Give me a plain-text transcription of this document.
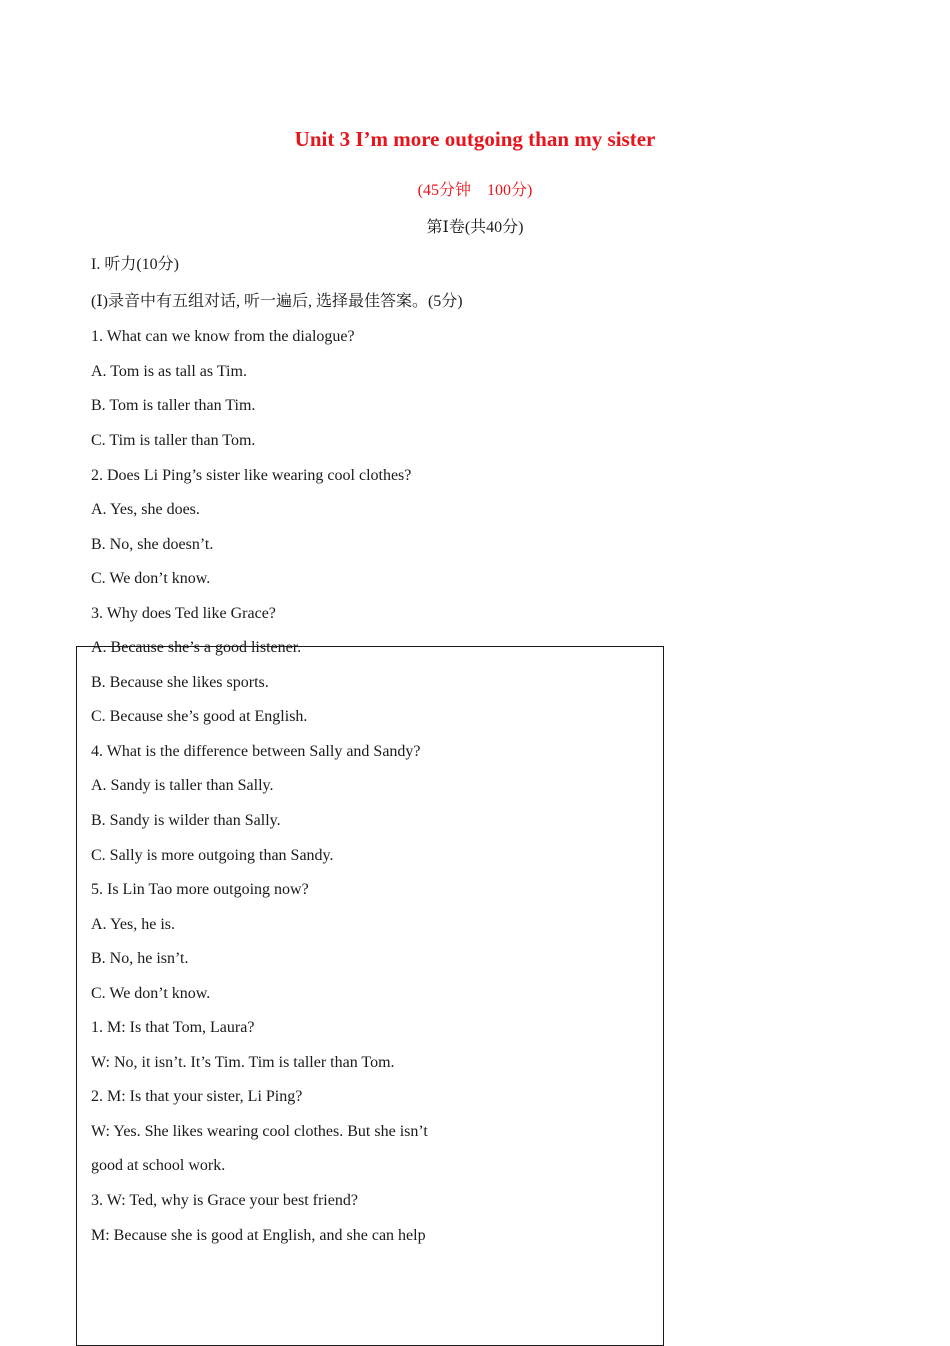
Unit 3 I’m more outgoing than my sister
(45分钟    100分)
第Ⅰ卷(共40分)
I. 听力(10分)
(Ⅰ)录音中有五组对话, 听一遍后, 选择最佳答案。(5分)
1. What can we know from the dialogue?
A. Tom is as tall as Tim.
B. Tom is taller than Tim.
C. Tim is taller than Tom.
2. Does Li Ping’s sister like wearing cool clothes?
A. Yes, she does.
B. No, she doesn’t.
C. We don’t know.
3. Why does Ted like Grace?
A. Because she’s a good listener.
B. Because she likes sports.
C. Because she’s good at English.
4. What is the difference between Sally and Sandy?
A. Sandy is taller than Sally.
B. Sandy is wilder than Sally.
C. Sally is more outgoing than Sandy.
5. Is Lin Tao more outgoing now?
A. Yes, he is.
B. No, he isn’t.
C. We don’t know.
1. M: Is that Tom, Laura?
W: No, it isn’t. It’s Tim. Tim is taller than Tom.
2. M: Is that your sister, Li Ping?
W: Yes. She likes wearing cool clothes. But she isn’t
good at school work.
3. W: Ted, why is Grace your best friend?
M: Because she is good at English, and she can help
